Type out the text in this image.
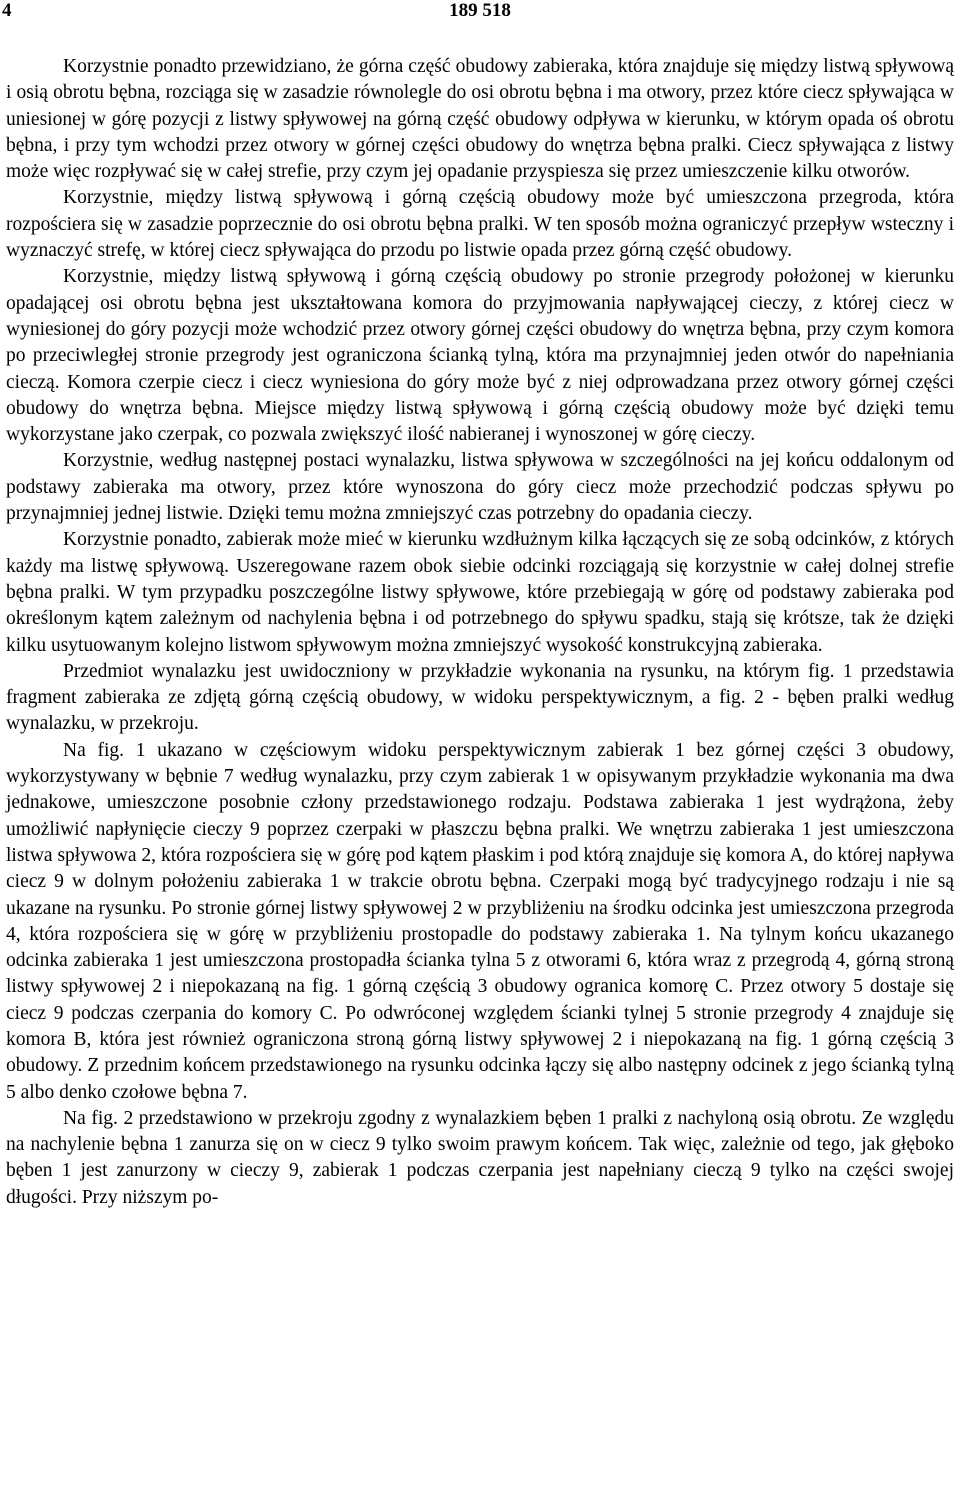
4	189 518

Korzystnie ponadto przewidziano, że górna część obudowy zabieraka, która znajduje się między listwą spływową i osią obrotu bębna, rozciąga się w zasadzie równolegle do osi obrotu bębna i ma otwory, przez które ciecz spływająca w uniesionej w górę pozycji z listwy spływowej na górną część obudowy odpływa w kierunku, w którym opada oś obrotu bębna, i przy tym wchodzi przez otwory w górnej części obudowy do wnętrza bębna pralki. Ciecz spływająca z listwy może więc rozpływać się w całej strefie, przy czym jej opadanie przyspiesza się przez umieszczenie kilku otworów.

Korzystnie, między listwą spływową i górną częścią obudowy może być umieszczona przegroda, która rozpościera się w zasadzie poprzecznie do osi obrotu bębna pralki. W ten sposób można ograniczyć przepływ wsteczny i wyznaczyć strefę, w której ciecz spływająca do przodu po listwie opada przez górną część obudowy.

Korzystnie, między listwą spływową i górną częścią obudowy po stronie przegrody położonej w kierunku opadającej osi obrotu bębna jest ukształtowana komora do przyjmowania napływającej cieczy, z której ciecz w wyniesionej do góry pozycji może wchodzić przez otwory górnej części obudowy do wnętrza bębna, przy czym komora po przeciwległej stronie przegrody jest ograniczona ścianką tylną, która ma przynajmniej jeden otwór do napełniania cieczą. Komora czerpie ciecz i ciecz wyniesiona do góry może być z niej odprowadzana przez otwory górnej części obudowy do wnętrza bębna. Miejsce między listwą spływową i górną częścią obudowy może być dzięki temu wykorzystane jako czerpak, co pozwala zwiększyć ilość nabieranej i wynoszonej w górę cieczy.

Korzystnie, według następnej postaci wynalazku, listwa spływowa w szczególności na jej końcu oddalonym od podstawy zabieraka ma otwory, przez które wynoszona do góry ciecz może przechodzić podczas spływu po przynajmniej jednej listwie. Dzięki temu można zmniejszyć czas potrzebny do opadania cieczy.

Korzystnie ponadto, zabierak może mieć w kierunku wzdłużnym kilka łączących się ze sobą odcinków, z których każdy ma listwę spływową. Uszeregowane razem obok siebie odcinki rozciągają się korzystnie w całej dolnej strefie bębna pralki. W tym przypadku poszczególne listwy spływowe, które przebiegają w górę od podstawy zabieraka pod określonym kątem zależnym od nachylenia bębna i od potrzebnego do spływu spadku, stają się krótsze, tak że dzięki kilku usytuowanym kolejno listwom spływowym można zmniejszyć wysokość konstrukcyjną zabieraka.

Przedmiot wynalazku jest uwidoczniony w przykładzie wykonania na rysunku, na którym fig. 1 przedstawia fragment zabieraka ze zdjętą górną częścią obudowy, w widoku perspektywicznym, a fig. 2 - bęben pralki według wynalazku, w przekroju.

Na fig. 1 ukazano w częściowym widoku perspektywicznym zabierak 1 bez górnej części 3 obudowy, wykorzystywany w bębnie 7 według wynalazku, przy czym zabierak 1 w opisywanym przykładzie wykonania ma dwa jednakowe, umieszczone posobnie człony przedstawionego rodzaju. Podstawa zabieraka 1 jest wydrążona, żeby umożliwić napłynięcie cieczy 9 poprzez czerpaki w płaszczu bębna pralki. We wnętrzu zabieraka 1 jest umieszczona listwa spływowa 2, która rozpościera się w górę pod kątem płaskim i pod którą znajduje się komora A, do której napływa ciecz 9 w dolnym położeniu zabieraka 1 w trakcie obrotu bębna. Czerpaki mogą być tradycyjnego rodzaju i nie są ukazane na rysunku. Po stronie górnej listwy spływowej 2 w przybliżeniu na środku odcinka jest umieszczona przegroda 4, która rozpościera się w górę w przybliżeniu prostopadle do podstawy zabieraka 1. Na tylnym końcu ukazanego odcinka zabieraka 1 jest umieszczona prostopadła ścianka tylna 5 z otworami 6, która wraz z przegrodą 4, górną stroną listwy spływowej 2 i niepokazaną na fig. 1 górną częścią 3 obudowy ogranica komorę C. Przez otwory 5 dostaje się ciecz 9 podczas czerpania do komory C. Po odwróconej względem ścianki tylnej 5 stronie przegrody 4 znajduje się komora B, która jest również ograniczona stroną górną listwy spływowej 2 i niepokazaną na fig. 1 górną częścią 3 obudowy. Z przednim końcem przedstawionego na rysunku odcinka łączy się albo następny odcinek z jego ścianką tylną 5 albo denko czołowe bębna 7.

Na fig. 2 przedstawiono w przekroju zgodny z wynalazkiem bęben 1 pralki z nachyloną osią obrotu. Ze względu na nachylenie bębna 1 zanurza się on w ciecz 9 tylko swoim prawym końcem. Tak więc, zależnie od tego, jak głęboko bęben 1 jest zanurzony w cieczy 9, zabierak 1 podczas czerpania jest napełniany cieczą 9 tylko na części swojej długości. Przy niższym po-
